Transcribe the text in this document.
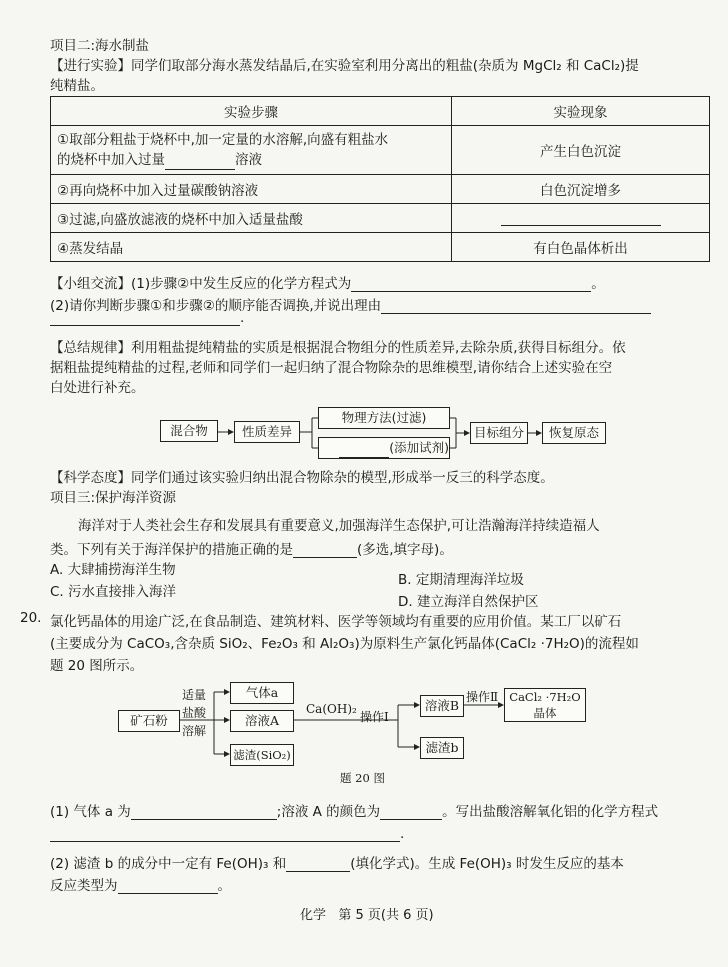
项目二:海水制盐
【进行实验】同学们取部分海水蒸发结晶后,在实验室利用分离出的粗盐(杂质为 MgCl₂ 和 CaCl₂)提
纯精盐。
实验步骤	实验现象
①取部分粗盐于烧杯中,加一定量的水溶解,向盛有粗盐水
的烧杯中加入过量 溶液	产生白色沉淀
②再向烧杯中加入过量碳酸钠溶液	白色沉淀增多
③过滤,向盛放滤液的烧杯中加入适量盐酸	
④蒸发结晶	有白色晶体析出
【小组交流】(1)步骤②中发生反应的化学方程式为	。
(2)请你判断步骤①和步骤②的顺序能否调换,并说出理由
.
【总结规律】利用粗盐提纯精盐的实质是根据混合物组分的性质差异,去除杂质,获得目标组分。依
据粗盐提纯精盐的过程,老师和同学们一起归纳了混合物除杂的思维模型,请你结合上述实验在空
白处进行补充。
混合物	性质差异
物理方法(过滤)
(添加试剂)
目标组分	恢复原态
【科学态度】同学们通过该实验归纳出混合物除杂的模型,形成举一反三的科学态度。
项目三:保护海洋资源
海洋对于人类社会生存和发展具有重要意义,加强海洋生态保护,可让浩瀚海洋持续造福人
类。下列有关于海洋保护的措施正确的是	(多选,填字母)。
A. 大肆捕捞海洋生物
B. 定期清理海洋垃圾
C. 污水直接排入海洋
D. 建立海洋自然保护区
20. 氯化钙晶体的用途广泛,在食品制造、建筑材料、医学等领域均有重要的应用价值。某工厂以矿石
(主要成分为 CaCO₃,含杂质 SiO₂、Fe₂O₃ 和 Al₂O₃)为原料生产氯化钙晶体(CaCl₂ ·7H₂O)的流程如
题 20 图所示。
矿石粉
适量
盐酸
溶解
气体a
溶液A
滤渣(SiO₂)
Ca(OH)₂
操作Ⅰ
溶液B
操作Ⅱ CaCl₂ ·7H₂O
晶体
滤渣b
题 20 图
(1) 气体 a 为	;溶液 A 的颜色为	。写出盐酸溶解氧化铝的化学方程式
.
(2) 滤渣 b 的成分中一定有 Fe(OH)₃ 和	(填化学式)。生成 Fe(OH)₃ 时发生反应的基本
反应类型为	。
化学   第 5 页(共 6 页)
